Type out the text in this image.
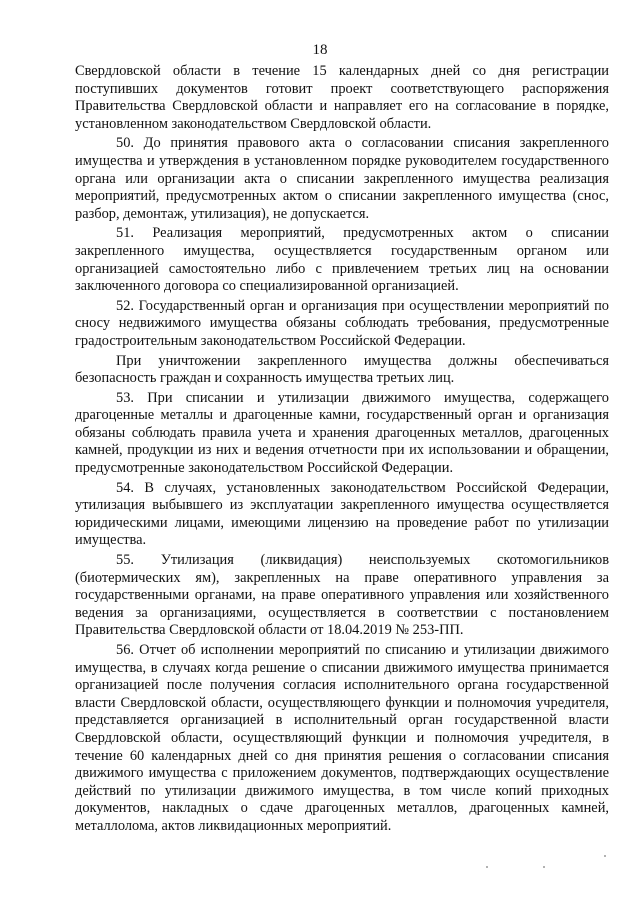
18

Свердловской области в течение 15 календарных дней со дня регистрации поступивших документов готовит проект соответствующего распоряжения Правительства Свердловской области и направляет его на согласование в порядке, установленном законодательством Свердловской области.

50. До принятия правового акта о согласовании списания закрепленного имущества и утверждения в установленном порядке руководителем государственного органа или организации акта о списании закрепленного имущества реализация мероприятий, предусмотренных актом о списании закрепленного имущества (снос, разбор, демонтаж, утилизация), не допускается.

51. Реализация мероприятий, предусмотренных актом о списании закрепленного имущества, осуществляется государственным органом или организацией самостоятельно либо с привлечением третьих лиц на основании заключенного договора со специализированной организацией.

52. Государственный орган и организация при осуществлении мероприятий по сносу недвижимого имущества обязаны соблюдать требования, предусмотренные градостроительным законодательством Российской Федерации.

При уничтожении закрепленного имущества должны обеспечиваться безопасность граждан и сохранность имущества третьих лиц.

53. При списании и утилизации движимого имущества, содержащего драгоценные металлы и драгоценные камни, государственный орган и организация обязаны соблюдать правила учета и хранения драгоценных металлов, драгоценных камней, продукции из них и ведения отчетности при их использовании и обращении, предусмотренные законодательством Российской Федерации.

54. В случаях, установленных законодательством Российской Федерации, утилизация выбывшего из эксплуатации закрепленного имущества осуществляется юридическими лицами, имеющими лицензию на проведение работ по утилизации имущества.

55. Утилизация (ликвидация) неиспользуемых скотомогильников (биотермических ям), закрепленных на праве оперативного управления за государственными органами, на праве оперативного управления или хозяйственного ведения за организациями, осуществляется в соответствии с постановлением Правительства Свердловской области от 18.04.2019 № 253-ПП.

56. Отчет об исполнении мероприятий по списанию и утилизации движимого имущества, в случаях когда решение о списании движимого имущества принимается организацией после получения согласия исполнительного органа государственной власти Свердловской области, осуществляющего функции и полномочия учредителя, представляется организацией в исполнительный орган государственной власти Свердловской области, осуществляющий функции и полномочия учредителя, в течение 60 календарных дней со дня принятия решения о согласовании списания движимого имущества с приложением документов, подтверждающих осуществление действий по утилизации движимого имущества, в том числе копий приходных документов, накладных о сдаче драгоценных металлов, драгоценных камней, металлолома, актов ликвидационных мероприятий.
